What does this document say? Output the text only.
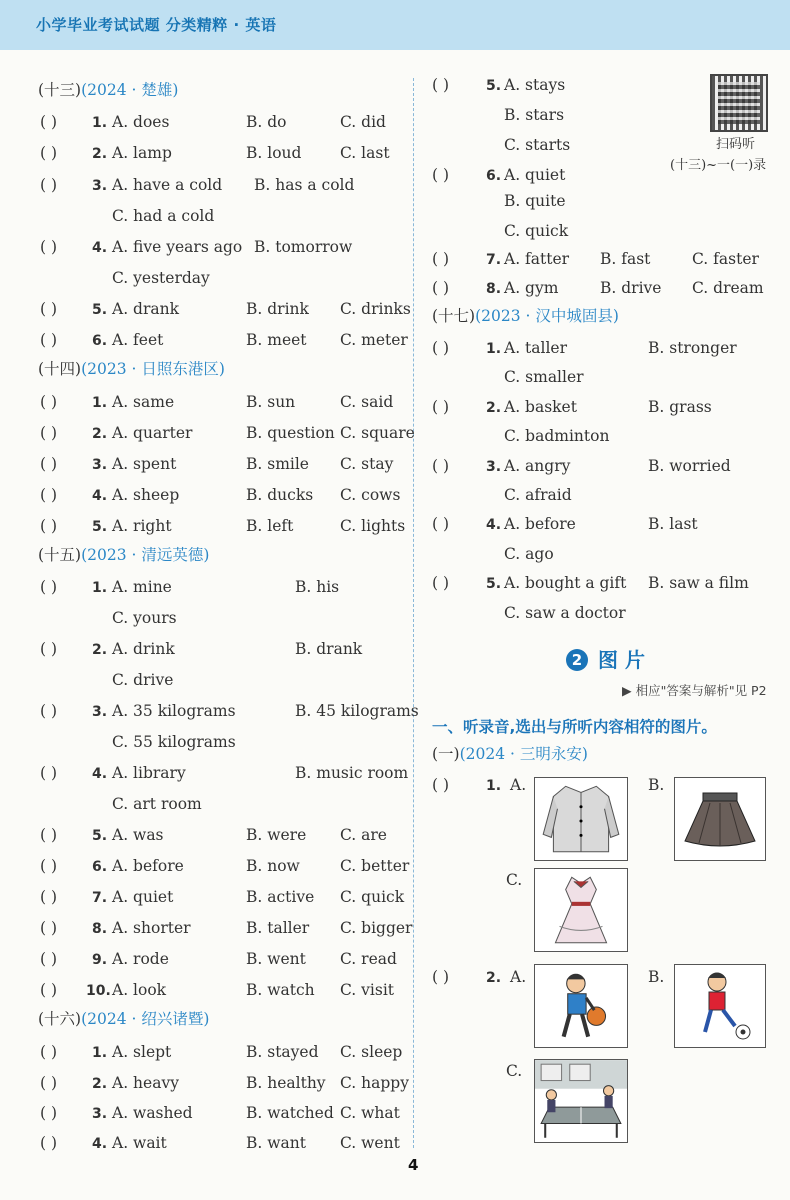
小学毕业考试试题 分类精粹 · 英语
(十三)(2024 · 楚雄)
( ) 1. A. does	B. do	C. did
( ) 2. A. lamp	B. loud C. last
( ) 3. A. have a cold B. has a cold
C. had a cold
( ) 4. A. five years ago B. tomorrow
C. yesterday
( ) 5. A. drank	B. drink C. drinks
( ) 6. A. feet	B. meet C. meter
(十四)(2023 · 日照东港区)
( ) 1. A. same	B. sun	C. said
( ) 2. A. quarter	B. question C. square
( ) 3. A. spent	B. smile C. stay
( ) 4. A. sheep	B. ducks C. cows
( ) 5. A. right	B. left	C. lights
(十五)(2023 · 清远英德)
( ) 1. A. mine	B. his
C. yours
( ) 2. A. drink	B. drank
C. drive
( ) 3. A. 35 kilograms	B. 45 kilograms
C. 55 kilograms
( ) 4. A. library	B. music room
C. art room
( ) 5. A. was	B. were C. are
( ) 6. A. before	B. now	C. better
( ) 7. A. quiet	B. active C. quick
( ) 8. A. shorter	B. taller C. bigger
( ) 9. A. rode	B. went C. read
( ) 10. A. look	B. watch C. visit
(十六)(2024 · 绍兴诸暨)
( ) 1. A. slept	B. stayed C. sleep
( ) 2. A. heavy	B. healthy C. happy
( ) 3. A. washed	B. watched C. what
( ) 4. A. wait	B. want C. went
( )	5. A. stays
B. stars
C. starts
( )	6. A. quiet
B. quite
C. quick
( )	7. A. fatter B. fast	C. faster
( )	8. A. gym	B. drive C. dream
(十七)(2023 · 汉中城固县)
( )	1. A. taller	B. stronger
C. smaller
( )	2. A. basket	B. grass
C. badminton
( )	3. A. angry	B. worried
C. afraid
( )	4. A. before	B. last
C. ago
( )	5. A. bought a gift B. saw a film
C. saw a doctor
扫码听
(十三)~一(一)录
2 图 片
▶ 相应"答案与解析"见 P2
一、听录音,选出与所听内容相符的图片。
(一)(2024 · 三明永安)
( )	1. A.	B.
C.
( )	2. A.	B.
C.
4
